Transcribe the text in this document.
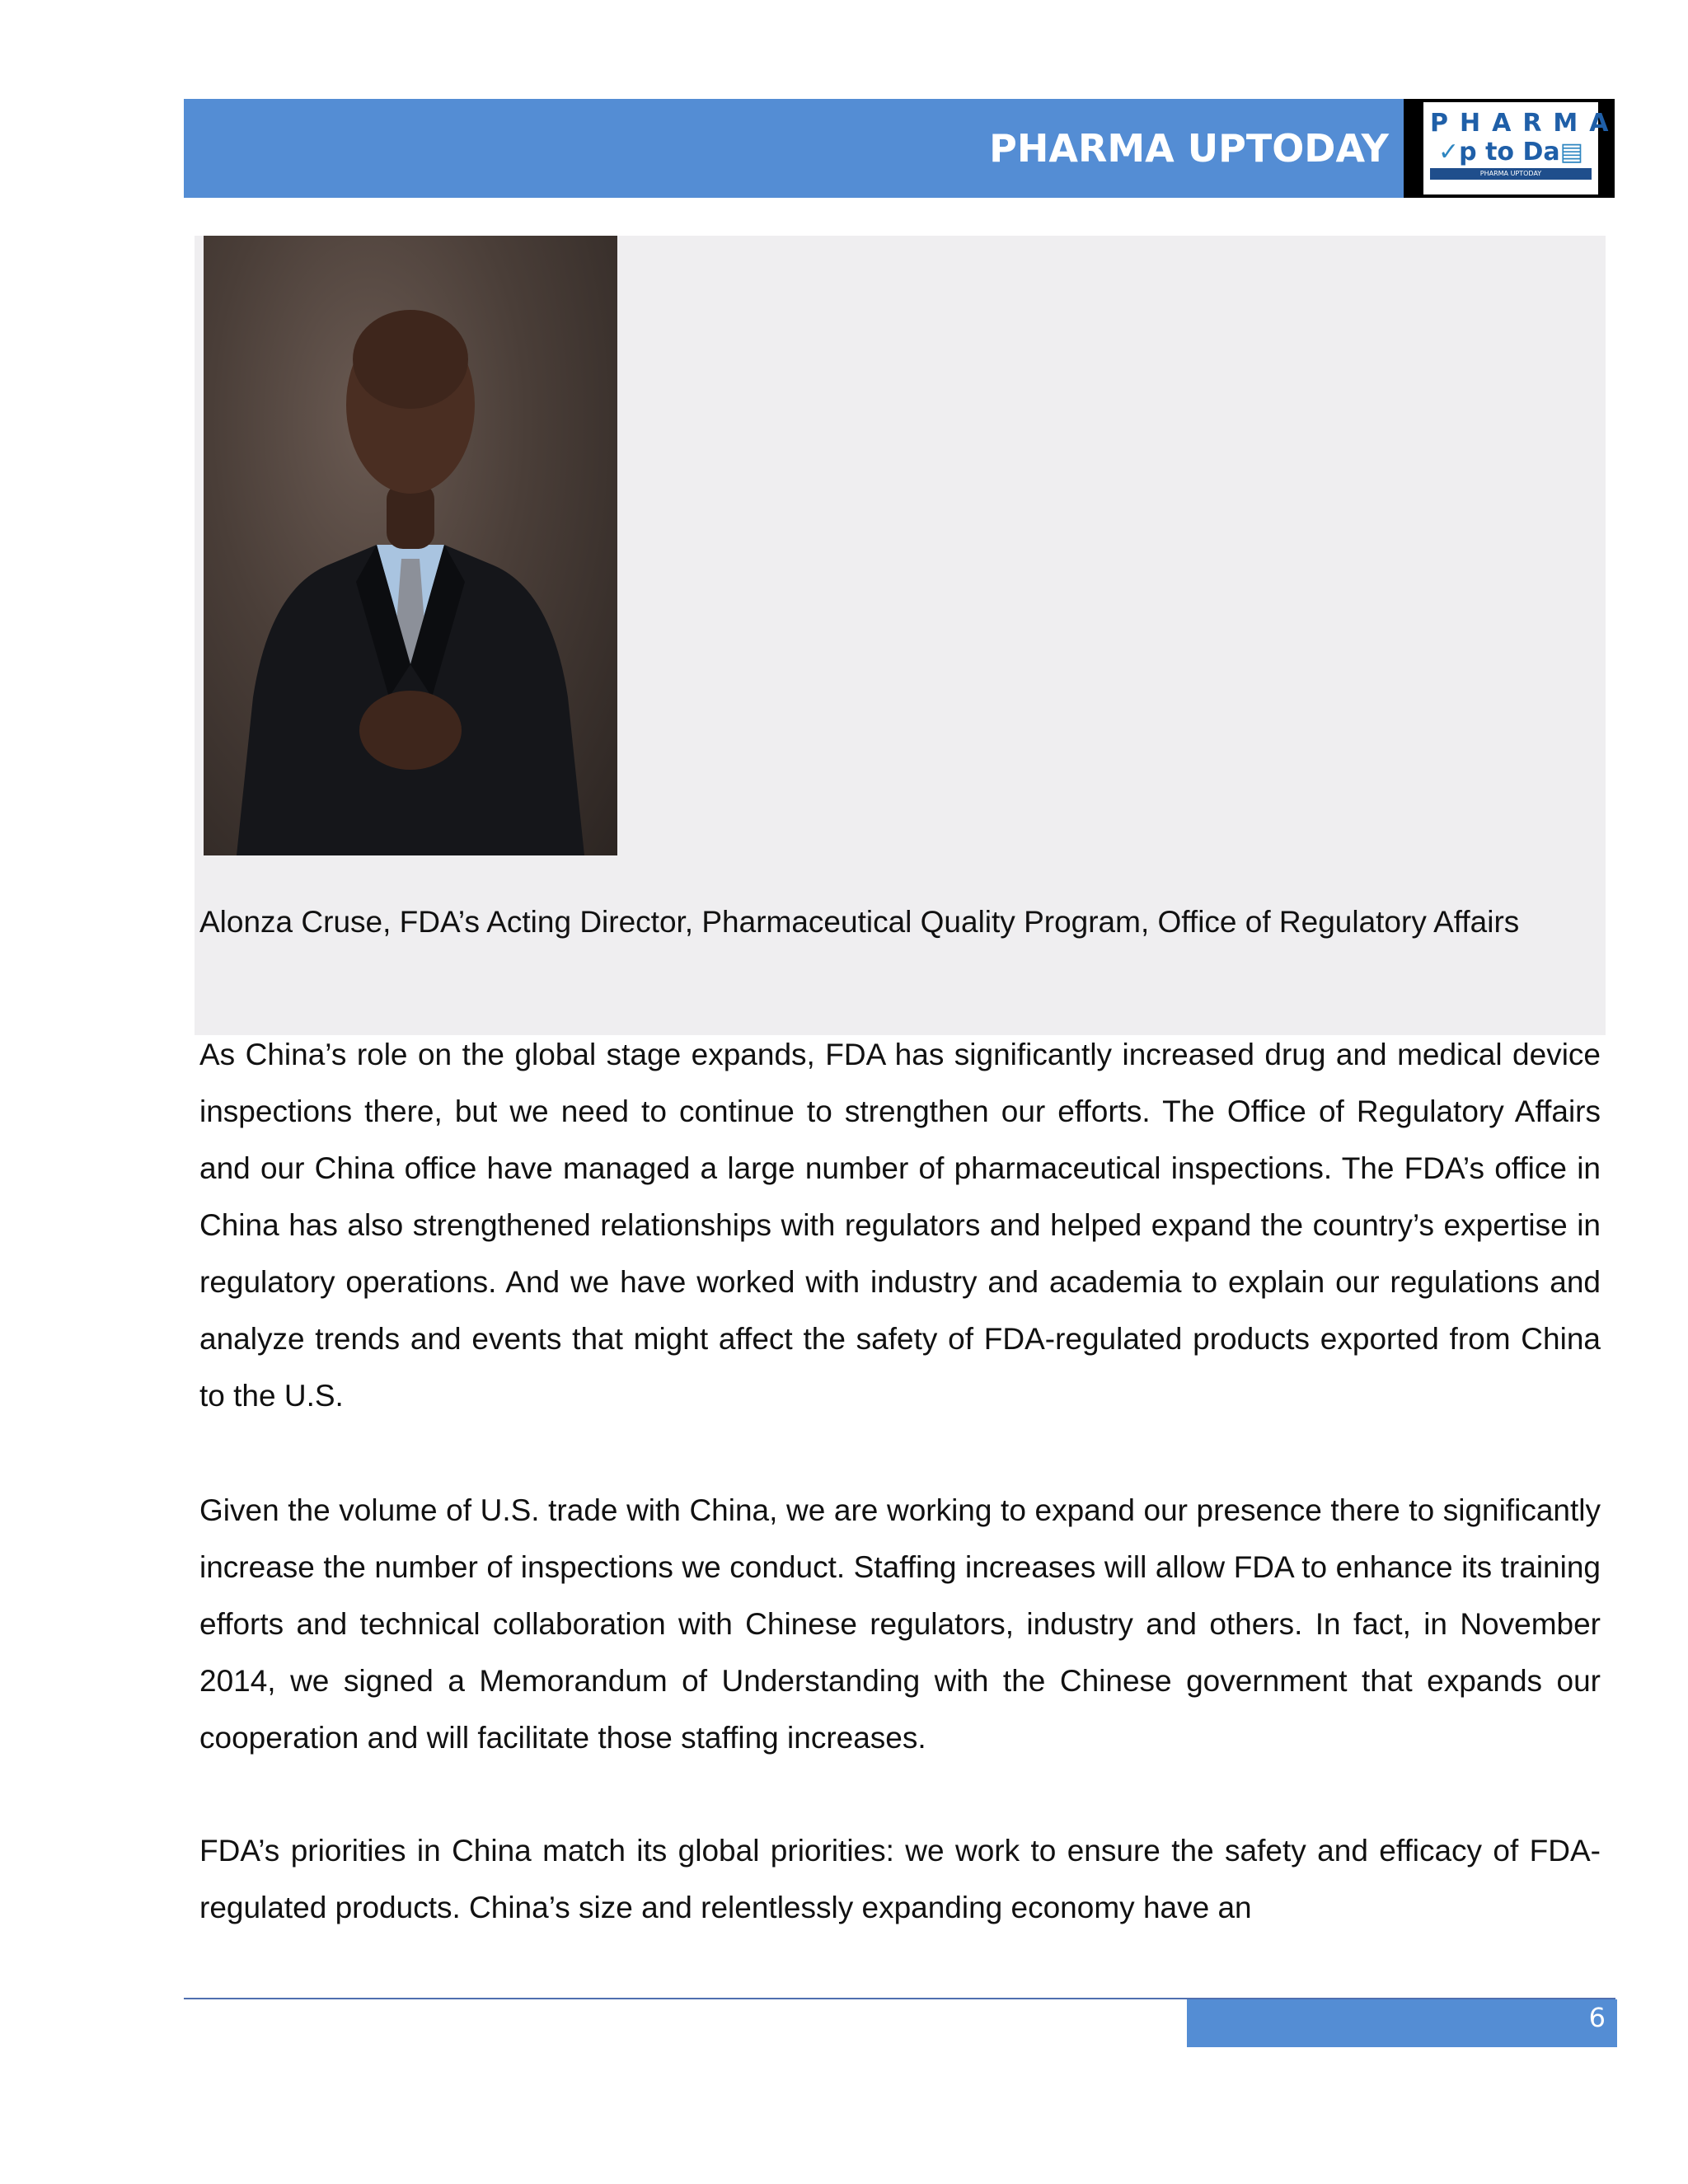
PHARMA UPTODAY
PHARMA
✓p to Da▤
PHARMA UPTODAY
Alonza Cruse, FDA’s Acting Director, Pharmaceutical Quality Program, Office of Regulatory Affairs
As China’s role on the global stage expands, FDA has significantly increased drug and medical device inspections there, but we need to continue to strengthen our efforts. The Office of Regulatory Affairs and our China office have managed a large number of pharmaceutical inspections. The FDA’s office in China has also strengthened relationships with regulators and helped expand the country’s expertise in regulatory operations. And we have worked with industry and academia to explain our regulations and analyze trends and events that might affect the safety of FDA-regulated products exported from China to the U.S.
Given the volume of U.S. trade with China, we are working to expand our presence there to significantly increase the number of inspections we conduct. Staffing increases will allow FDA to enhance its training efforts and technical collaboration with Chinese regulators, industry and others. In fact, in November 2014, we signed a Memorandum of Understanding with the Chinese government that expands our cooperation and will facilitate those staffing increases.
FDA’s priorities in China match its global priorities: we work to ensure the safety and efficacy of FDA-regulated products. China’s size and relentlessly expanding economy have an
6
